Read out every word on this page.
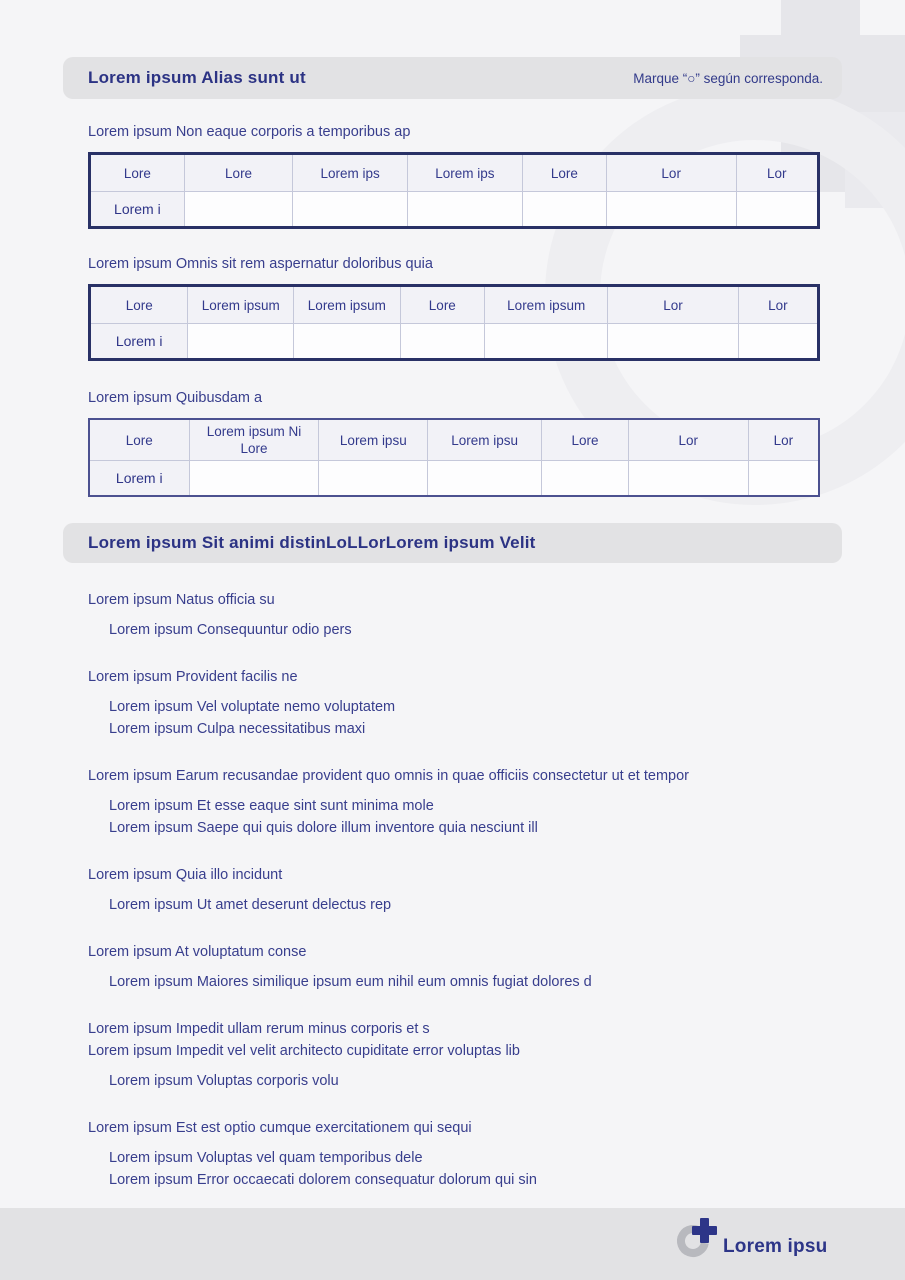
Lorem ipsum Alias sunt ut	Marque “○” según corresponda.
Lorem ipsum Non eaque corporis a temporibus ap
Lore	Lore	Lorem ips	Lorem ips	Lore	Lor	Lor
Lorem i						
Lorem ipsum Omnis sit rem aspernatur doloribus quia
Lore	Lorem ipsum	Lorem ipsum	Lore	Lorem ipsum	Lor	Lor
Lorem i						
Lorem ipsum Quibusdam a
Lore	Lorem ipsum Ni Lore	Lorem ipsu	Lorem ipsu	Lore	Lor	Lor
Lorem i						
Lorem ipsum Sit animi distinLoLLorLorem ipsum Velit
Lorem ipsum Natus officia su
Lorem ipsum Consequuntur odio pers
Lorem ipsum Provident facilis ne
Lorem ipsum Vel voluptate nemo voluptatem
Lorem ipsum Culpa necessitatibus maxi
Lorem ipsum Earum recusandae provident quo omnis in quae officiis consectetur ut et tempor
Lorem ipsum Et esse eaque sint sunt minima mole
Lorem ipsum Saepe qui quis dolore illum inventore quia nesciunt ill
Lorem ipsum Quia illo incidunt
Lorem ipsum Ut amet deserunt delectus rep
Lorem ipsum At voluptatum conse
Lorem ipsum Maiores similique ipsum eum nihil eum omnis fugiat dolores d
Lorem ipsum Impedit ullam rerum minus corporis et s
Lorem ipsum Impedit vel velit architecto cupiditate error voluptas lib
Lorem ipsum Voluptas corporis volu
Lorem ipsum Est est optio cumque exercitationem qui sequi
Lorem ipsum Voluptas vel quam temporibus dele
Lorem ipsum Error occaecati dolorem consequatur dolorum qui sin
Lorem ipsu
